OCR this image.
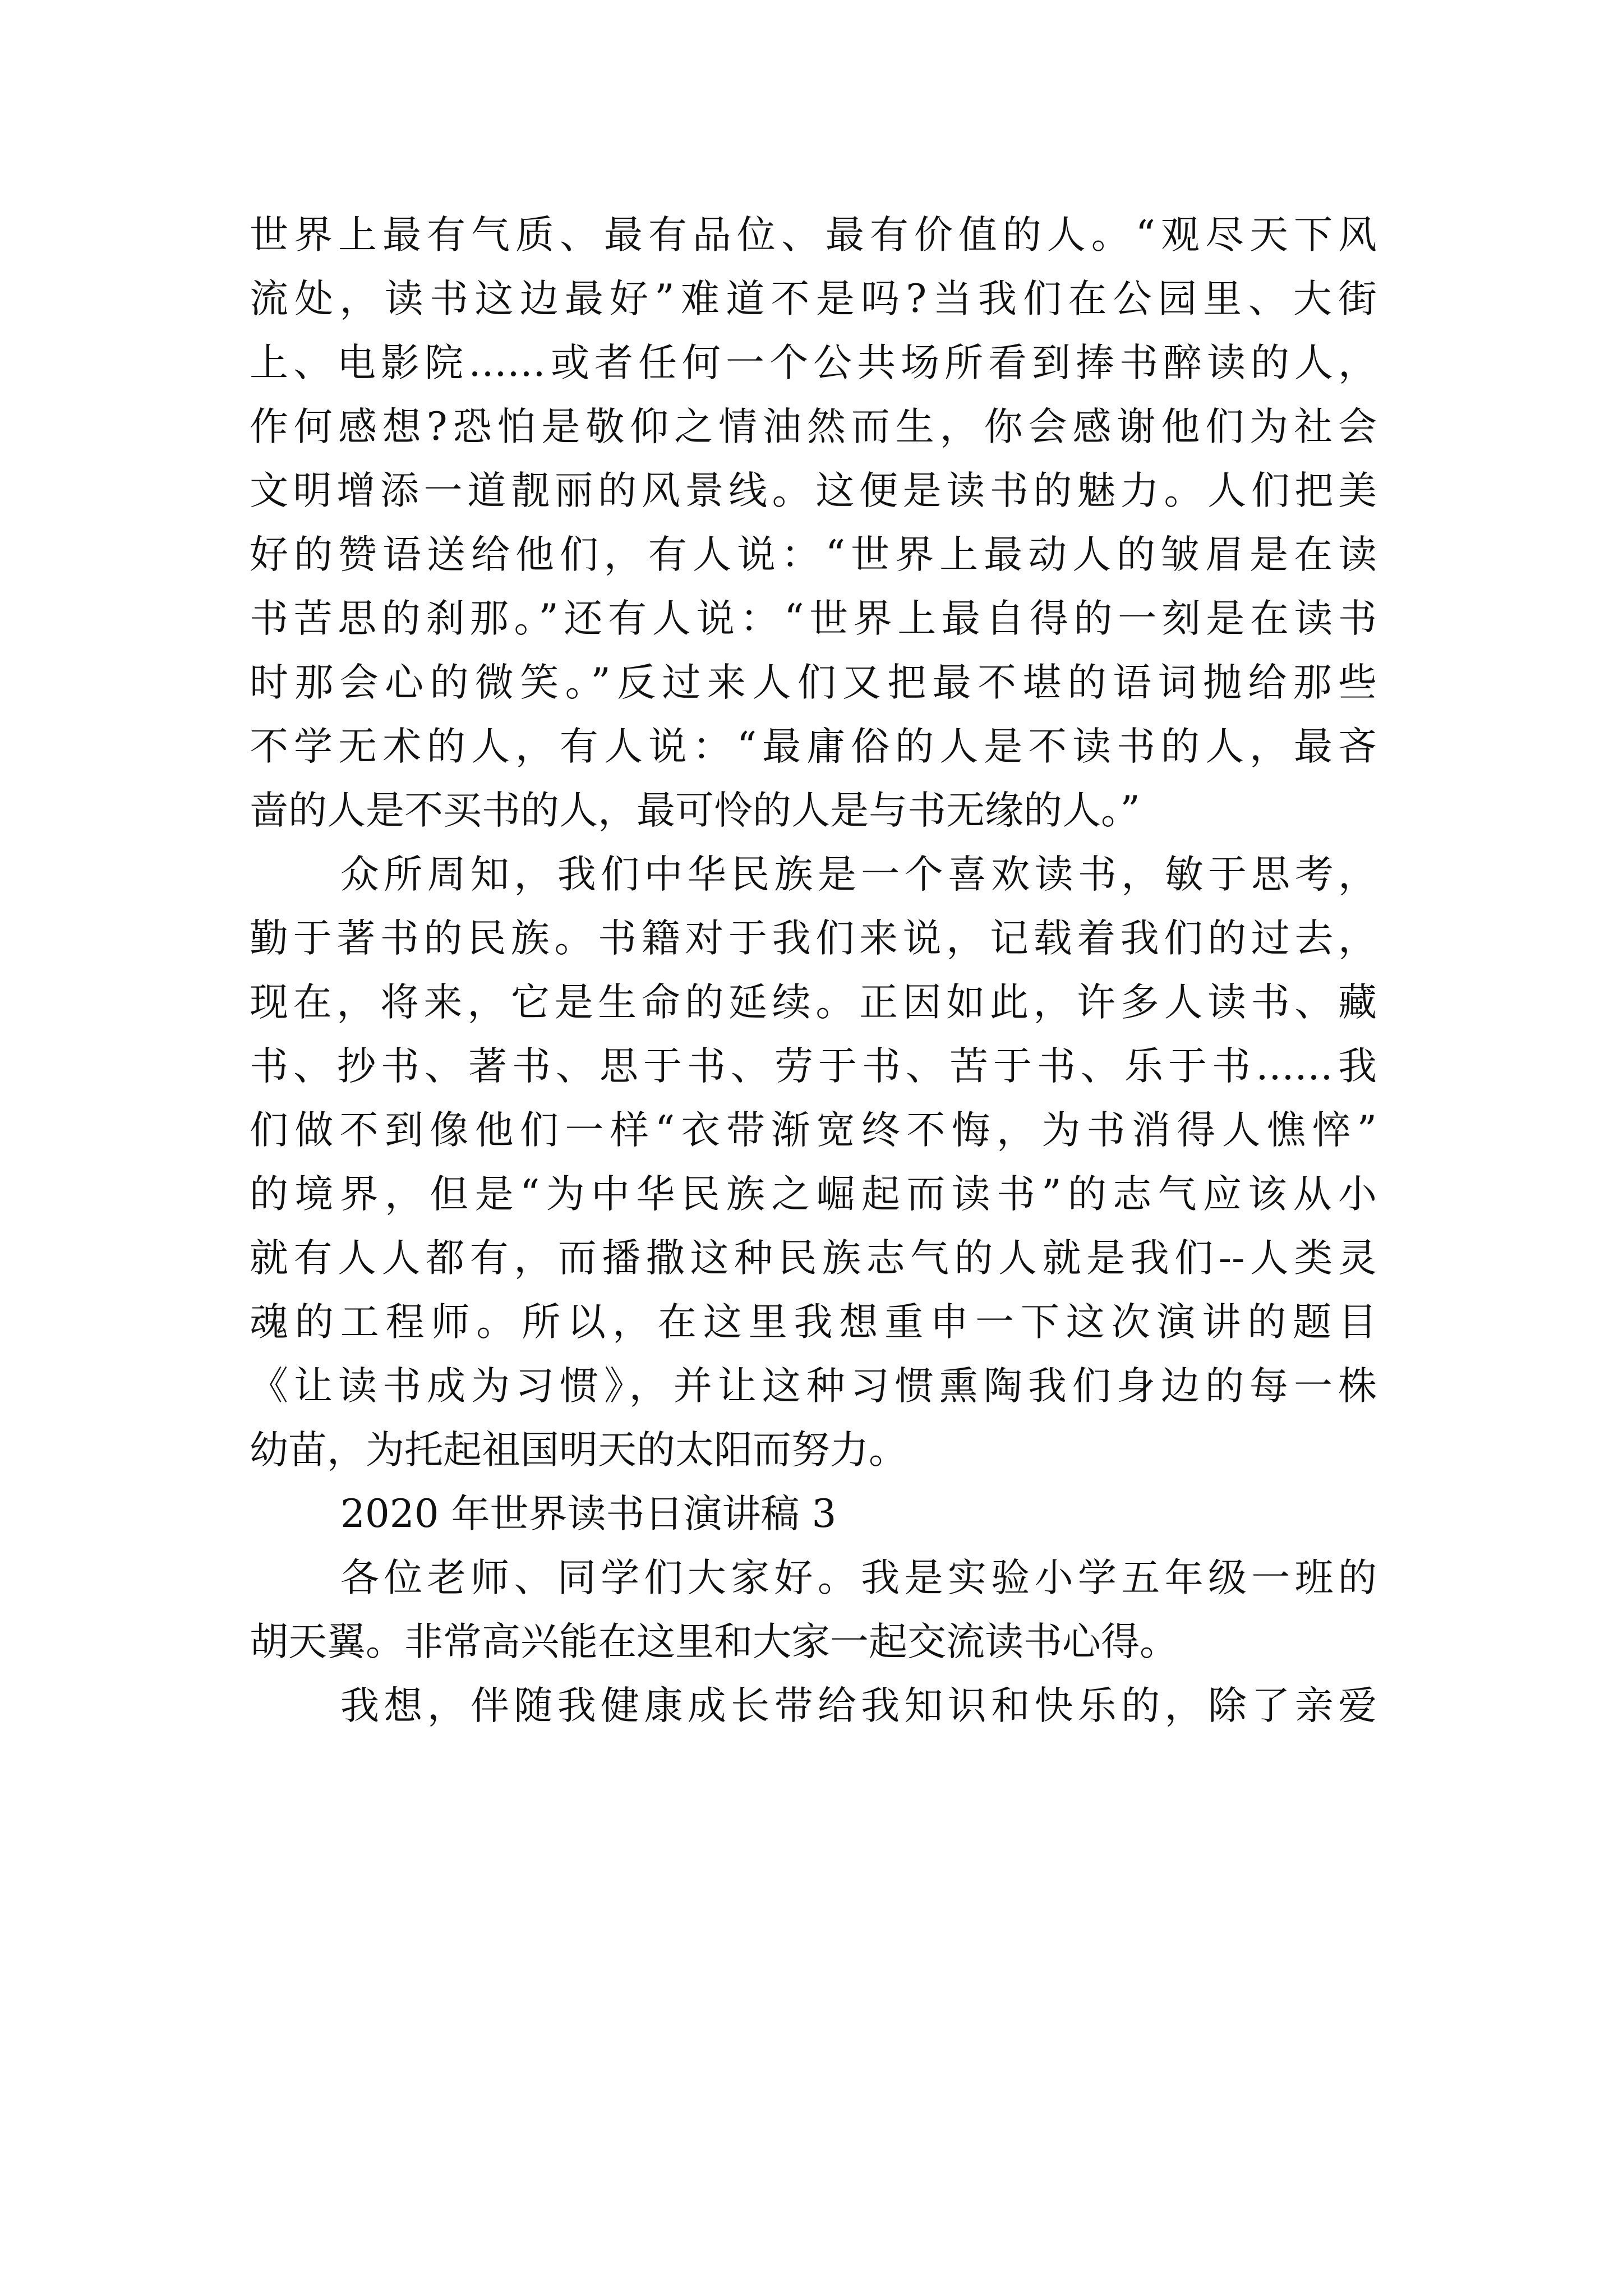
世界上最有气质、最有品位、最有价值的人。“观尽天下风
流处，读书这边最好”难道不是吗?当我们在公园里、大街
上、电影院……或者任何一个公共场所看到捧书醉读的人，
作何感想?恐怕是敬仰之情油然而生，你会感谢他们为社会
文明增添一道靓丽的风景线。这便是读书的魅力。人们把美
好的赞语送给他们，有人说：“世界上最动人的皱眉是在读
书苦思的刹那。”还有人说：“世界上最自得的一刻是在读书
时那会心的微笑。”反过来人们又把最不堪的语词抛给那些
不学无术的人，有人说：“最庸俗的人是不读书的人，最吝
啬的人是不买书的人，最可怜的人是与书无缘的人。”
众所周知，我们中华民族是一个喜欢读书，敏于思考，
勤于著书的民族。书籍对于我们来说，记载着我们的过去，
现在，将来，它是生命的延续。正因如此，许多人读书、藏
书、抄书、著书、思于书、劳于书、苦于书、乐于书……我
们做不到像他们一样“衣带渐宽终不悔，为书消得人憔悴”
的境界，但是“为中华民族之崛起而读书”的志气应该从小
就有人人都有，而播撒这种民族志气的人就是我们--人类灵
魂的工程师。所以，在这里我想重申一下这次演讲的题目
《让读书成为习惯》，并让这种习惯熏陶我们身边的每一株
幼苗，为托起祖国明天的太阳而努力。
2020 年世界读书日演讲稿 3
各位老师、同学们大家好。我是实验小学五年级一班的
胡天翼。非常高兴能在这里和大家一起交流读书心得。
我想，伴随我健康成长带给我知识和快乐的，除了亲爱
